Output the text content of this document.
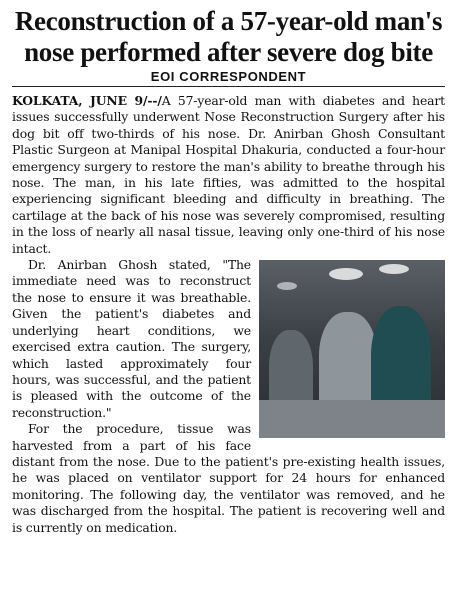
Reconstruction of a 57-year-old man's
nose performed after severe dog bite
EOI CORRESPONDENT

KOLKATA, JUNE 9/--/A 57-year-old man with diabetes and heart issues successfully underwent Nose Reconstruction Surgery after his dog bit off two-thirds of his nose. Dr. Anirban Ghosh Consultant Plastic Surgeon at Manipal Hospital Dhakuria, conducted a four-hour emergency surgery to restore the man's ability to breathe through his nose. The man, in his late fifties, was admitted to the hospital experiencing significant bleeding and difficulty in breathing. The cartilage at the back of his nose was severely compromised, resulting in the loss of nearly all nasal tissue, leaving only one-third of his nose intact.

Dr. Anirban Ghosh stated, "The immediate need was to reconstruct the nose to ensure it was breathable. Given the patient's diabetes and underlying heart conditions, we exercised extra caution. The surgery, which lasted approximately four hours, was successful, and the patient is pleased with the outcome of the reconstruction."

For the procedure, tissue was harvested from a part of his face distant from the nose. Due to the patient's pre-existing health issues, he was placed on ventilator support for 24 hours for enhanced monitoring. The following day, the ventilator was removed, and he was discharged from the hospital. The patient is recovering well and is currently on medication.
